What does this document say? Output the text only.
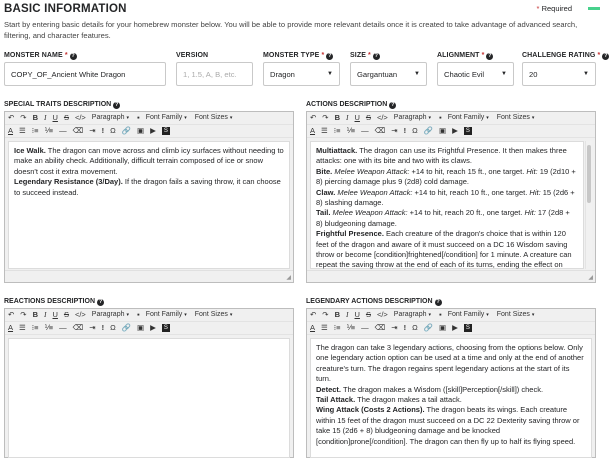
BASIC INFORMATION	* Required
Start by entering basic details for your homebrew monster below. You will be able to provide more relevant details once it is created to take advantage of advanced search, filtering, and character features.
MONSTER NAME * ?
COPY_OF_Ancient White Dragon
VERSION
1, 1.5, A, B, etc.
MONSTER TYPE * ?
Dragon	▼
SIZE * ?
Gargantuan	▼
ALIGNMENT * ?
Chaotic Evil	▼
CHALLENGE RATING * ?
20	▼
SPECIAL TRAITS DESCRIPTION ?
↶ ↷ B I U S </> Paragraph ▾ ▪ Font Family ▾ Font Sizes ▾
A ☰ ⁝≡ ⅟≡ — ⌫ ⇥ ! Ω 🔗 ▣ ▶	S

Ice Walk. The dragon can move across and climb icy surfaces without needing to make an ability check. Additionally, difficult terrain composed of ice or snow doesn't cost it extra movement.

Legendary Resistance (3/Day). If the dragon fails a saving throw, it can choose to succeed instead.

◢
ACTIONS DESCRIPTION ?
↶ ↷ B I U S </> Paragraph ▾ ▪ Font Family ▾ Font Sizes ▾
A ☰ ⁝≡ ⅟≡ — ⌫ ⇥ ! Ω 🔗 ▣ ▶	S

Multiattack. The dragon can use its Frightful Presence. It then makes three attacks: one with its bite and two with its claws.

Bite. Melee Weapon Attack: +14 to hit, reach 15 ft., one target. Hit: 19 (2d10 + 8) piercing damage plus 9 (2d8) cold damage.

Claw. Melee Weapon Attack: +14 to hit, reach 10 ft., one target. Hit: 15 (2d6 + 8) slashing damage.

Tail. Melee Weapon Attack: +14 to hit, reach 20 ft., one target. Hit: 17 (2d8 + 8) bludgeoning damage.

Frightful Presence. Each creature of the dragon's choice that is within 120 feet of the dragon and aware of it must succeed on a DC 16 Wisdom saving throw or become [condition]frightened[/condition] for 1 minute. A creature can repeat the saving throw at the end of each of its turns, ending the effect on

◢
REACTIONS DESCRIPTION ?
↶ ↷ B I U S </> Paragraph ▾ ▪ Font Family ▾ Font Sizes ▾
A ☰ ⁝≡ ⅟≡ — ⌫ ⇥ ! Ω 🔗 ▣ ▶	S
LEGENDARY ACTIONS DESCRIPTION ?
↶ ↷ B I U S </> Paragraph ▾ ▪ Font Family ▾ Font Sizes ▾
A ☰ ⁝≡ ⅟≡ — ⌫ ⇥ ! Ω 🔗 ▣ ▶	S

The dragon can take 3 legendary actions, choosing from the options below. Only one legendary action option can be used at a time and only at the end of another creature's turn. The dragon regains spent legendary actions at the start of its turn.

Detect. The dragon makes a Wisdom ([skill]Perception[/skill]) check.

Tail Attack. The dragon makes a tail attack.

Wing Attack (Costs 2 Actions). The dragon beats its wings. Each creature within 15 feet of the dragon must succeed on a DC 22 Dexterity saving throw or take 15 (2d6 + 8) bludgeoning damage and be knocked [condition]prone[/condition]. The dragon can then fly up to half its flying speed.
